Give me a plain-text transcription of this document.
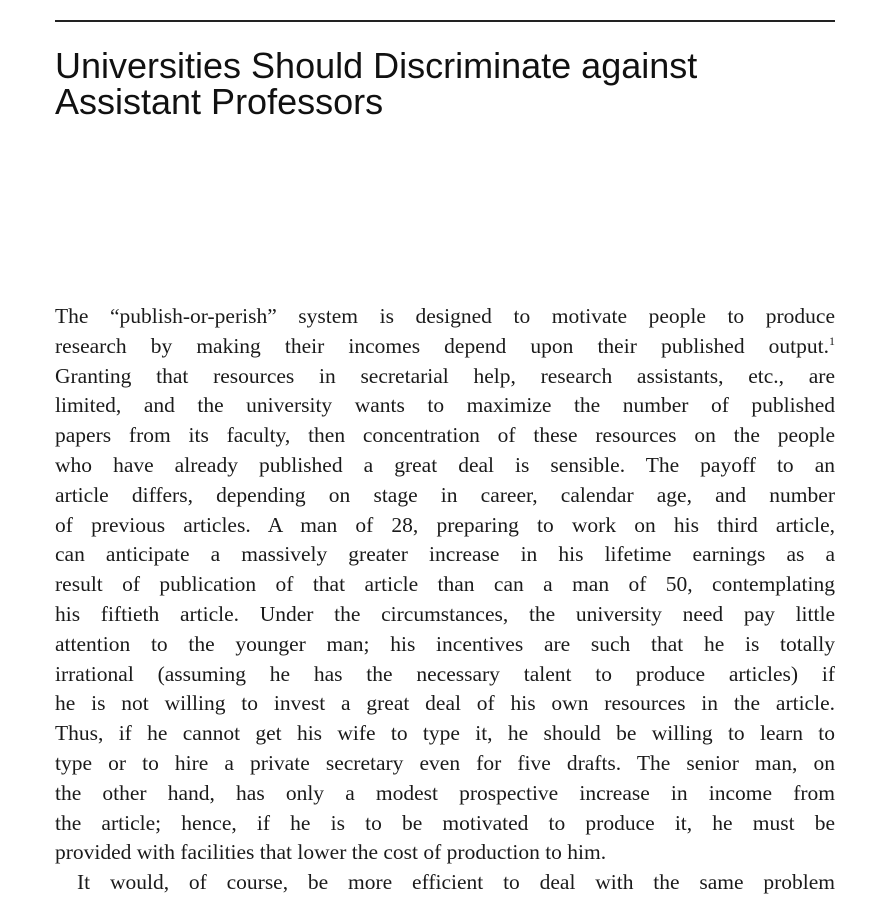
Universities Should Discriminate against
Assistant Professors
The “publish-or-perish” system is designed to motivate people to produce
research by making their incomes depend upon their published output.$^1$
Granting that resources in secretarial help, research assistants, etc., are
limited, and the university wants to maximize the number of published
papers from its faculty, then concentration of these resources on the people
who have already published a great deal is sensible. The payoff to an
article differs, depending on stage in career, calendar age, and number
of previous articles. A man of 28, preparing to work on his third article,
can anticipate a massively greater increase in his lifetime earnings as a
result of publication of that article than can a man of 50, contemplating
his fiftieth article. Under the circumstances, the university need pay little
attention to the younger man; his incentives are such that he is totally
irrational (assuming he has the necessary talent to produce articles) if
he is not willing to invest a great deal of his own resources in the article.
Thus, if he cannot get his wife to type it, he should be willing to learn to
type or to hire a private secretary even for five drafts. The senior man, on
the other hand, has only a modest prospective increase in income from
the article; hence, if he is to be motivated to produce it, he must be
provided with facilities that lower the cost of production to him.
It would, of course, be more efficient to deal with the same problem
